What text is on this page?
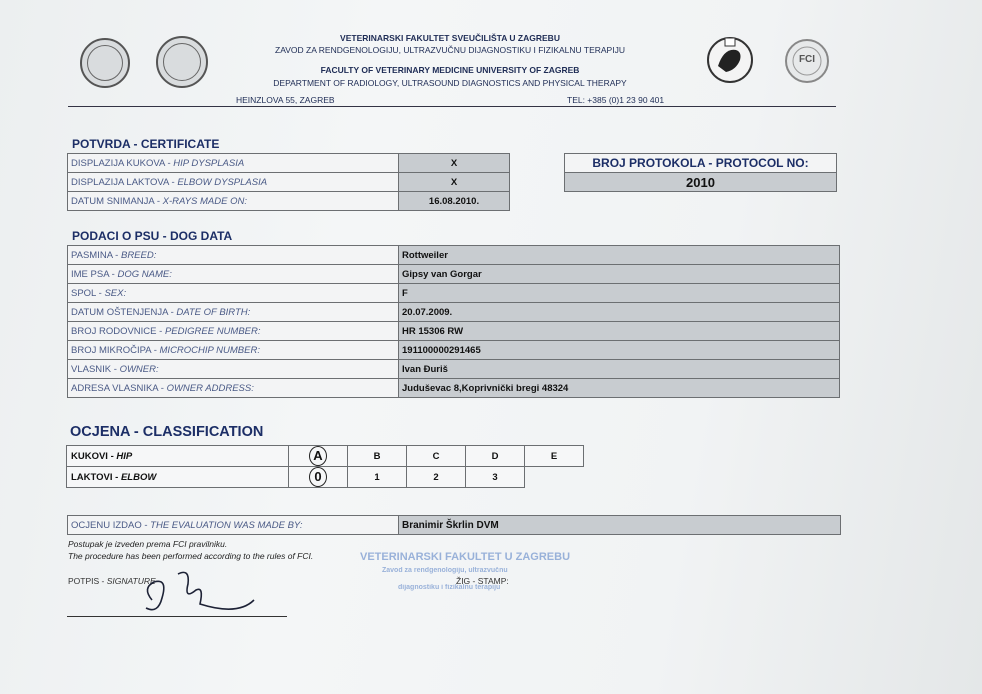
FCI
VETERINARSKI FAKULTET SVEUČILIŠTA U ZAGREBU
ZAVOD ZA RENDGENOLOGIJU, ULTRAZVUČNU DIJAGNOSTIKU I FIZIKALNU TERAPIJU
FACULTY OF VETERINARY MEDICINE UNIVERSITY OF ZAGREB
DEPARTMENT OF RADIOLOGY, ULTRASOUND DIAGNOSTICS AND PHYSICAL THERAPY
HEINZLOVA 55, ZAGREB	TEL: +385 (0)1 23 90 401
POTVRDA - CERTIFICATE
DISPLAZIJA KUKOVA - HIP DYSPLASIA	X
DISPLAZIJA LAKTOVA - ELBOW DYSPLASIA	X
DATUM SNIMANJA - X-RAYS MADE ON:	16.08.2010.
BROJ PROTOKOLA - PROTOCOL NO:
2010
PODACI O PSU - DOG DATA
PASMINA - BREED:	Rottweiler
IME PSA - DOG NAME:	Gipsy van Gorgar
SPOL - SEX:	F
DATUM OŠTENJENJA - DATE OF BIRTH:	20.07.2009.
BROJ RODOVNICE - PEDIGREE NUMBER:	HR 15306 RW
BROJ MIKROČIPA - MICROCHIP NUMBER:	191100000291465
VLASNIK - OWNER:	Ivan Đuriš
ADRESA VLASNIKA - OWNER ADDRESS:	Juduševac 8,Koprivnički bregi 48324
OCJENA - CLASSIFICATION
KUKOVI - HIP	A	B	C	D	E
LAKTOVI - ELBOW	0	1	2	3	
OCJENU IZDAO - THE EVALUATION WAS MADE BY:	Branimir Škrlin DVM
Postupak je izveden prema FCI pravilniku.
The procedure has been performed according to the rules of FCI.
POTPIS - SIGNATURE	ŽIG - STAMP:
VETERINARSKI FAKULTET U ZAGREBU
Zavod za rendgenologiju, ultrazvučnu
dijagnostiku i fizikalnu terapiju
